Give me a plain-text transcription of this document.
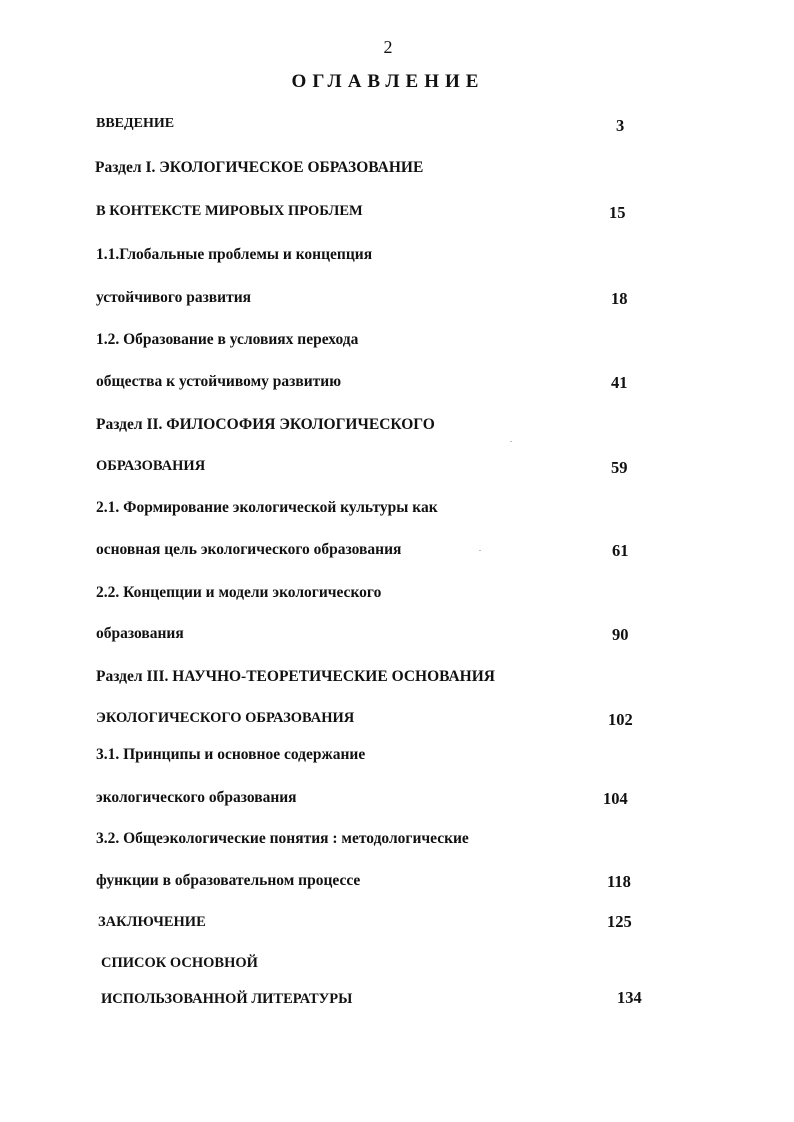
2
ОГЛАВЛЕНИЕ
ВВЕДЕНИЕ	3
Раздел I. ЭКОЛОГИЧЕСКОЕ ОБРАЗОВАНИЕ
В КОНТЕКСТЕ МИРОВЫХ ПРОБЛЕМ	15
1.1.Глобальные проблемы и концепция
устойчивого развития	18
1.2. Образование в условиях перехода
общества к устойчивому развитию	41
Раздел II. ФИЛОСОФИЯ ЭКОЛОГИЧЕСКОГО
ОБРАЗОВАНИЯ	59
2.1. Формирование экологической культуры как
основная цель экологического образования	61
2.2. Концепции и модели экологического
образования	90
Раздел III. НАУЧНО-ТЕОРЕТИЧЕСКИЕ ОСНОВАНИЯ
ЭКОЛОГИЧЕСКОГО ОБРАЗОВАНИЯ	102
3.1. Принципы и основное содержание
экологического образования	104
3.2. Общеэкологические понятия : методологические
функции в образовательном процессе	118
ЗАКЛЮЧЕНИЕ	125
СПИСОК ОСНОВНОЙ
ИСПОЛЬЗОВАННОЙ ЛИТЕРАТУРЫ	134
